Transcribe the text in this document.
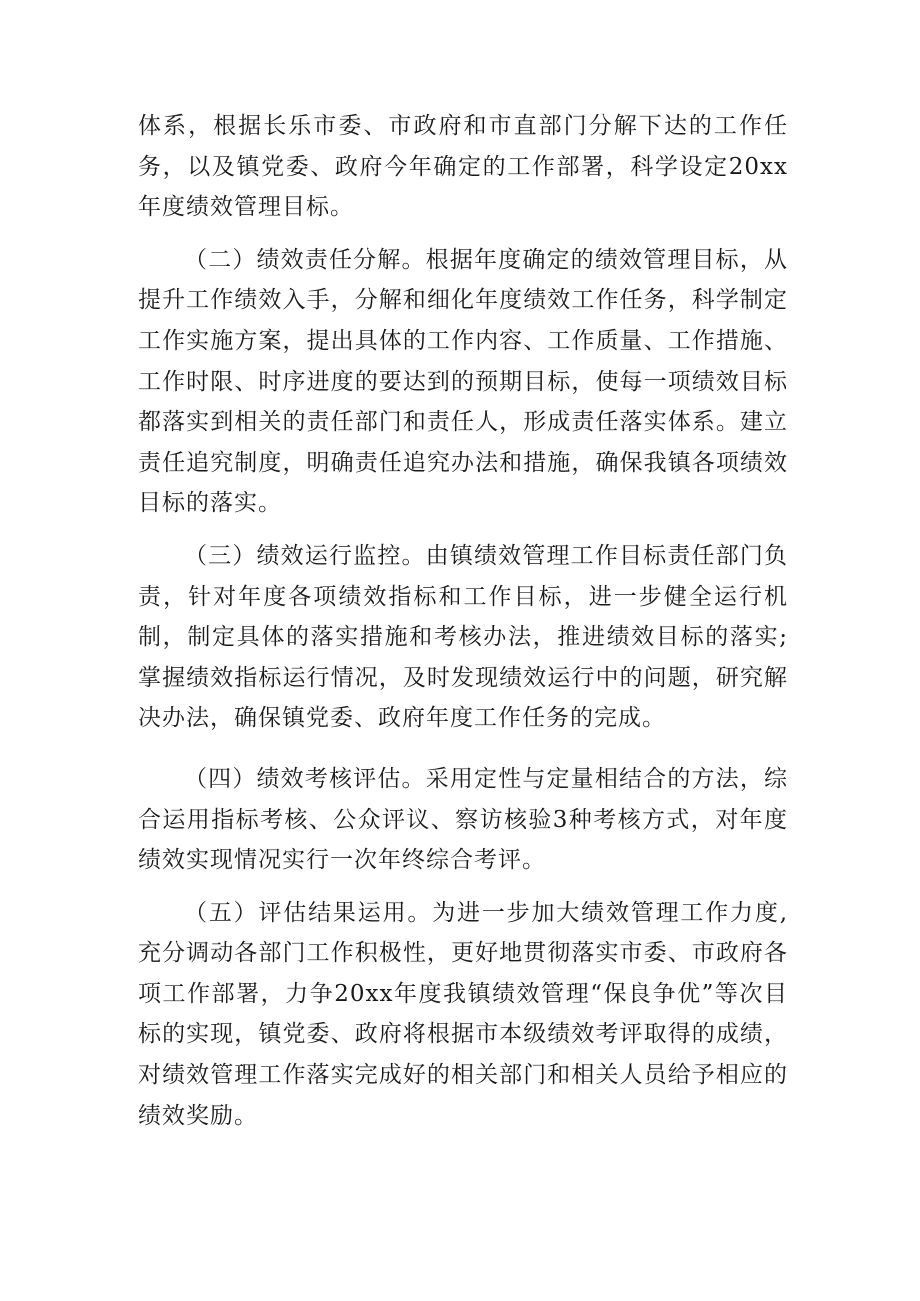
体系，根据长乐市委、市政府和市直部门分解下达的工作任务，以及镇党委、政府今年确定的工作部署，科学设定20xx年度绩效管理目标。

（二）绩效责任分解。根据年度确定的绩效管理目标，从提升工作绩效入手，分解和细化年度绩效工作任务，科学制定工作实施方案，提出具体的工作内容、工作质量、工作措施、工作时限、时序进度的要达到的预期目标，使每一项绩效目标都落实到相关的责任部门和责任人，形成责任落实体系。建立责任追究制度，明确责任追究办法和措施，确保我镇各项绩效目标的落实。

（三）绩效运行监控。由镇绩效管理工作目标责任部门负责，针对年度各项绩效指标和工作目标，进一步健全运行机制，制定具体的落实措施和考核办法，推进绩效目标的落实;掌握绩效指标运行情况，及时发现绩效运行中的问题，研究解决办法，确保镇党委、政府年度工作任务的完成。

（四）绩效考核评估。采用定性与定量相结合的方法，综合运用指标考核、公众评议、察访核验3种考核方式，对年度绩效实现情况实行一次年终综合考评。

（五）评估结果运用。为进一步加大绩效管理工作力度,充分调动各部门工作积极性，更好地贯彻落实市委、市政府各项工作部署，力争20xx年度我镇绩效管理“保良争优”等次目标的实现，镇党委、政府将根据市本级绩效考评取得的成绩，对绩效管理工作落实完成好的相关部门和相关人员给予相应的绩效奖励。
